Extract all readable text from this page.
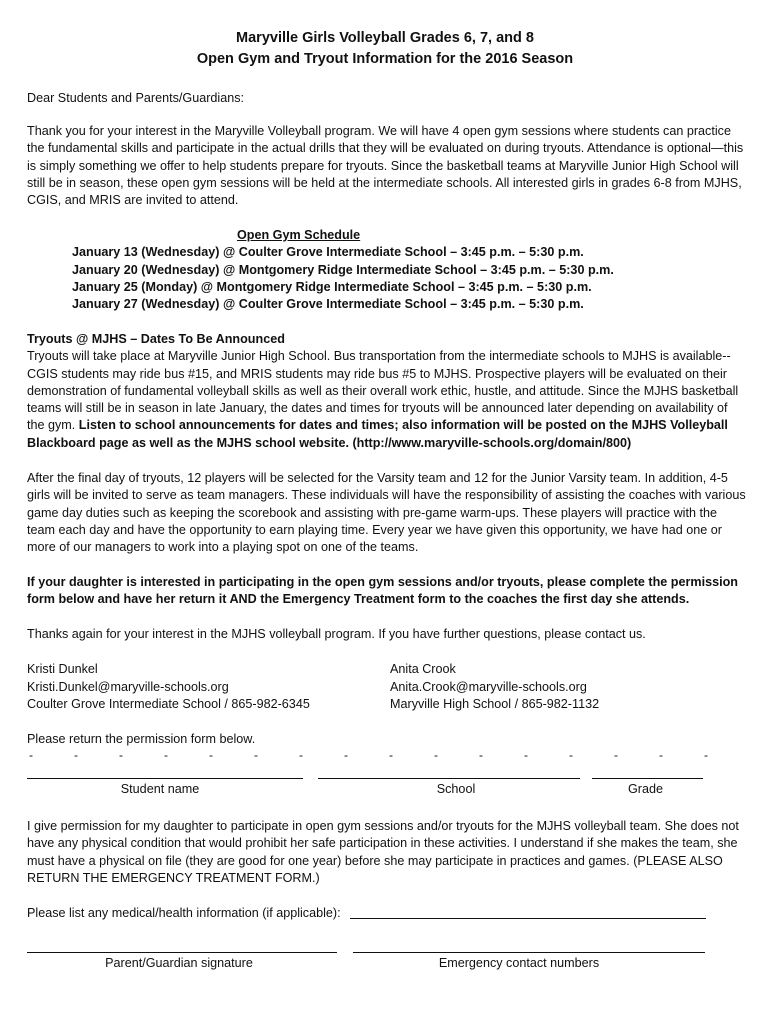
Maryville Girls Volleyball Grades 6, 7, and 8
Open Gym and Tryout Information for the 2016 Season
Dear Students and Parents/Guardians:
Thank you for your interest in the Maryville Volleyball program. We will have 4 open gym sessions where students can practice the fundamental skills and participate in the actual drills that they will be evaluated on during tryouts. Attendance is optional—this is simply something we offer to help students prepare for tryouts. Since the basketball teams at Maryville Junior High School will still be in season, these open gym sessions will be held at the intermediate schools. All interested girls in grades 6-8 from MJHS, CGIS, and MRIS are invited to attend.
Open Gym Schedule
January 13 (Wednesday) @ Coulter Grove Intermediate School – 3:45 p.m. – 5:30 p.m.
January 20 (Wednesday) @ Montgomery Ridge Intermediate School – 3:45 p.m. – 5:30 p.m.
January 25 (Monday) @ Montgomery Ridge Intermediate School – 3:45 p.m. – 5:30 p.m.
January 27 (Wednesday) @ Coulter Grove Intermediate School – 3:45 p.m. – 5:30 p.m.
Tryouts @ MJHS – Dates To Be Announced
Tryouts will take place at Maryville Junior High School. Bus transportation from the intermediate schools to MJHS is available--CGIS students may ride bus #15, and MRIS students may ride bus #5 to MJHS. Prospective players will be evaluated on their demonstration of fundamental volleyball skills as well as their overall work ethic, hustle, and attitude. Since the MJHS basketball teams will still be in season in late January, the dates and times for tryouts will be announced later depending on availability of the gym. Listen to school announcements for dates and times; also information will be posted on the MJHS Volleyball Blackboard page as well as the MJHS school website. (http://www.maryville-schools.org/domain/800)
After the final day of tryouts, 12 players will be selected for the Varsity team and 12 for the Junior Varsity team. In addition, 4-5 girls will be invited to serve as team managers. These individuals will have the responsibility of assisting the coaches with various game day duties such as keeping the scorebook and assisting with pre-game warm-ups. These players will practice with the team each day and have the opportunity to earn playing time. Every year we have given this opportunity, we have had one or more of our managers to work into a playing spot on one of the teams.
If your daughter is interested in participating in the open gym sessions and/or tryouts, please complete the permission form below and have her return it AND the Emergency Treatment form to the coaches the first day she attends.
Thanks again for your interest in the MJHS volleyball program. If you have further questions, please contact us.
Kristi Dunkel
Kristi.Dunkel@maryville-schools.org
Coulter Grove Intermediate School / 865-982-6345
Anita Crook
Anita.Crook@maryville-schools.org
Maryville High School / 865-982-1132
Please return the permission form below.
-	-	-	-	-	-	-	-	-	-	-	-	-	-	-	-
Student name	School	Grade
I give permission for my daughter to participate in open gym sessions and/or tryouts for the MJHS volleyball team. She does not have any physical condition that would prohibit her safe participation in these activities. I understand if she makes the team, she must have a physical on file (they are good for one year) before she may participate in practices and games. (PLEASE ALSO RETURN THE EMERGENCY TREATMENT FORM.)
Please list any medical/health information (if applicable):
Parent/Guardian signature	Emergency contact numbers
